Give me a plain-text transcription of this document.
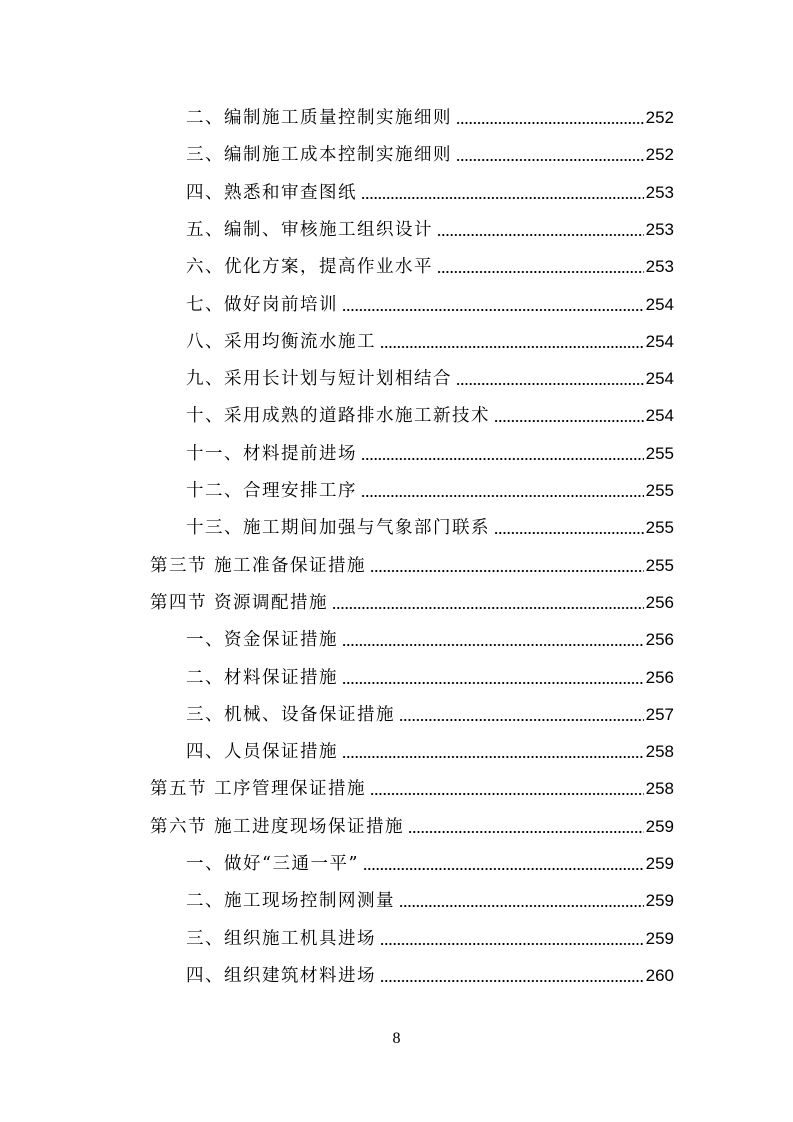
二、编制施工质量控制实施细则	252
三、编制施工成本控制实施细则	252
四、熟悉和审查图纸	253
五、编制、审核施工组织设计	253
六、优化方案，提高作业水平	253
七、做好岗前培训	254
八、采用均衡流水施工	254
九、采用长计划与短计划相结合	254
十、采用成熟的道路排水施工新技术	254
十一、材料提前进场	255
十二、合理安排工序	255
十三、施工期间加强与气象部门联系	255
第三节 施工准备保证措施	255
第四节 资源调配措施	256
一、资金保证措施	256
二、材料保证措施	256
三、机械、设备保证措施	257
四、人员保证措施	258
第五节 工序管理保证措施	258
第六节 施工进度现场保证措施	259
一、做好“三通一平”	259
二、施工现场控制网测量	259
三、组织施工机具进场	259
四、组织建筑材料进场	260
8
